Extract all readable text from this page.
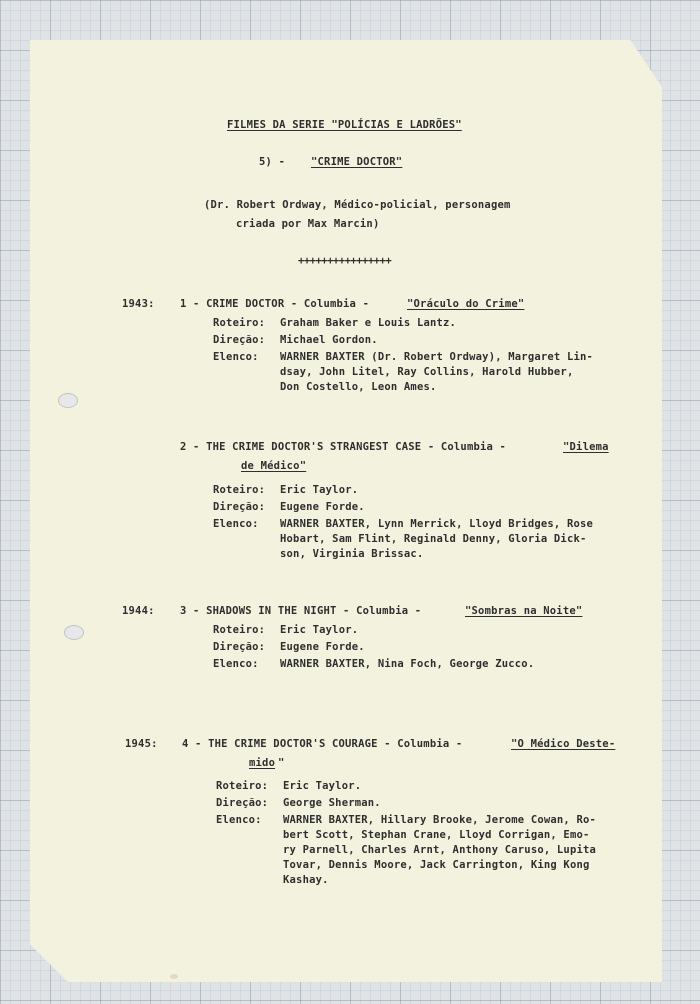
FILMES DA SERIE "POLÍCIAS E LADRÕES"
5) - "CRIME DOCTOR"
(Dr. Robert Ordway, Médico-policial, personagem
criada por Max Marcin)
++++++++++++++++
1943: 1 - CRIME DOCTOR - Columbia -	"Oráculo do Crime"
Roteiro: Graham Baker e Louis Lantz.
Direção: Michael Gordon.
Elenco: WARNER BAXTER (Dr. Robert Ordway), Margaret Lin-
dsay, John Litel, Ray Collins, Harold Hubber,
Don Costello, Leon Ames.
2 - THE CRIME DOCTOR'S STRANGEST CASE - Columbia -	"Dilema
de Médico"
Roteiro: Eric Taylor.
Direção: Eugene Forde.
Elenco: WARNER BAXTER, Lynn Merrick, Lloyd Bridges, Rose
Hobart, Sam Flint, Reginald Denny, Gloria Dick-
son, Virginia Brissac.
1944: 3 - SHADOWS IN THE NIGHT - Columbia -	"Sombras na Noite"
Roteiro: Eric Taylor.
Direção: Eugene Forde.
Elenco: WARNER BAXTER, Nina Foch, George Zucco.
1945: 4 - THE CRIME DOCTOR'S COURAGE - Columbia -	"O Médico Deste-
mido "
Roteiro: Eric Taylor.
Direção: George Sherman.
Elenco: WARNER BAXTER, Hillary Brooke, Jerome Cowan, Ro-
bert Scott, Stephan Crane, Lloyd Corrigan, Emo-
ry Parnell, Charles Arnt, Anthony Caruso, Lupita
Tovar, Dennis Moore, Jack Carrington, King Kong
Kashay.
